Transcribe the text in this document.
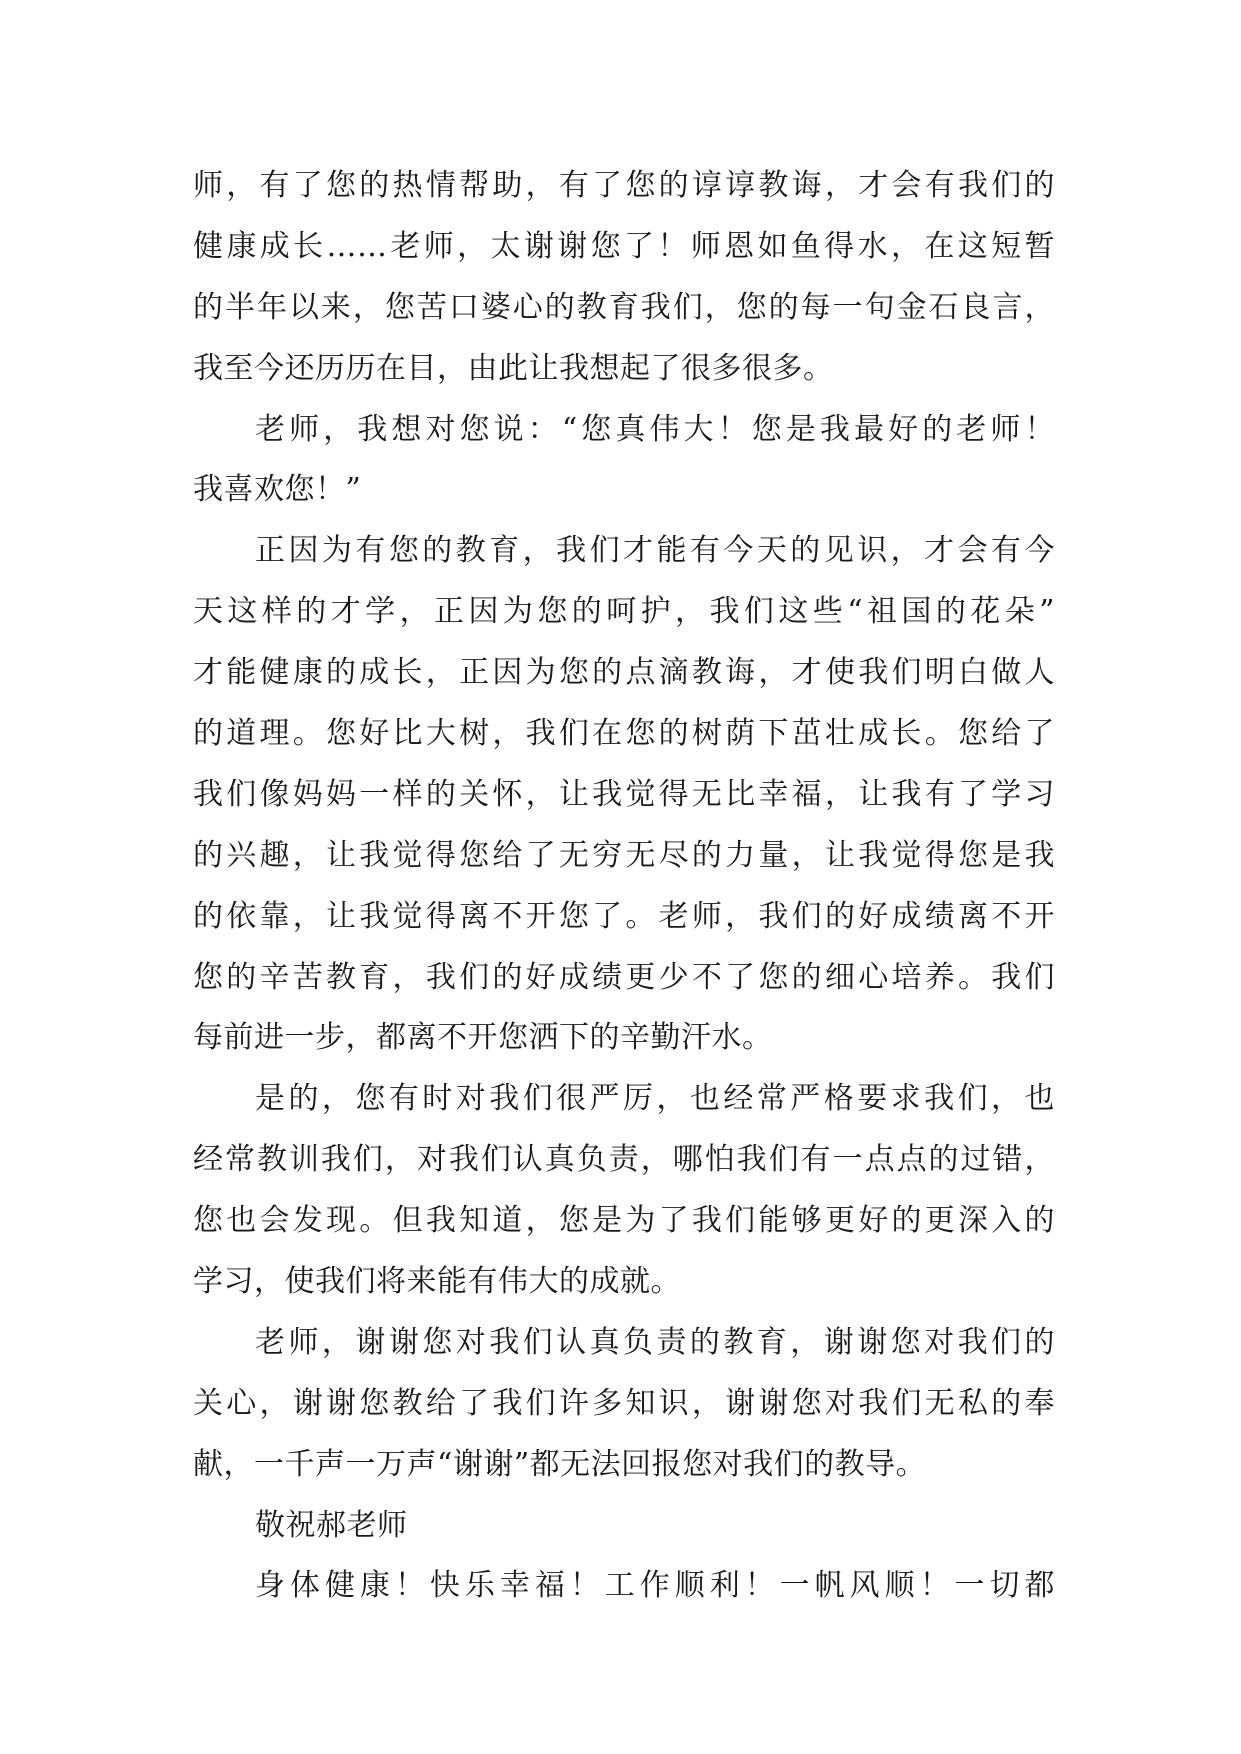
师，有了您的热情帮助，有了您的谆谆教诲，才会有我们的
健康成长……老师，太谢谢您了！师恩如鱼得水，在这短暂
的半年以来，您苦口婆心的教育我们，您的每一句金石良言，
我至今还历历在目，由此让我想起了很多很多。
老师，我想对您说：“您真伟大！您是我最好的老师！
我喜欢您！”
正因为有您的教育，我们才能有今天的见识，才会有今
天这样的才学，正因为您的呵护，我们这些“祖国的花朵”
才能健康的成长，正因为您的点滴教诲，才使我们明白做人
的道理。您好比大树，我们在您的树荫下茁壮成长。您给了
我们像妈妈一样的关怀，让我觉得无比幸福，让我有了学习
的兴趣，让我觉得您给了无穷无尽的力量，让我觉得您是我
的依靠，让我觉得离不开您了。老师，我们的好成绩离不开
您的辛苦教育，我们的好成绩更少不了您的细心培养。我们
每前进一步，都离不开您洒下的辛勤汗水。
是的，您有时对我们很严厉，也经常严格要求我们，也
经常教训我们，对我们认真负责，哪怕我们有一点点的过错，
您也会发现。但我知道，您是为了我们能够更好的更深入的
学习，使我们将来能有伟大的成就。
老师，谢谢您对我们认真负责的教育，谢谢您对我们的
关心，谢谢您教给了我们许多知识，谢谢您对我们无私的奉
献，一千声一万声“谢谢”都无法回报您对我们的教导。
敬祝郝老师
身体健康！快乐幸福！工作顺利！一帆风顺！一切都
